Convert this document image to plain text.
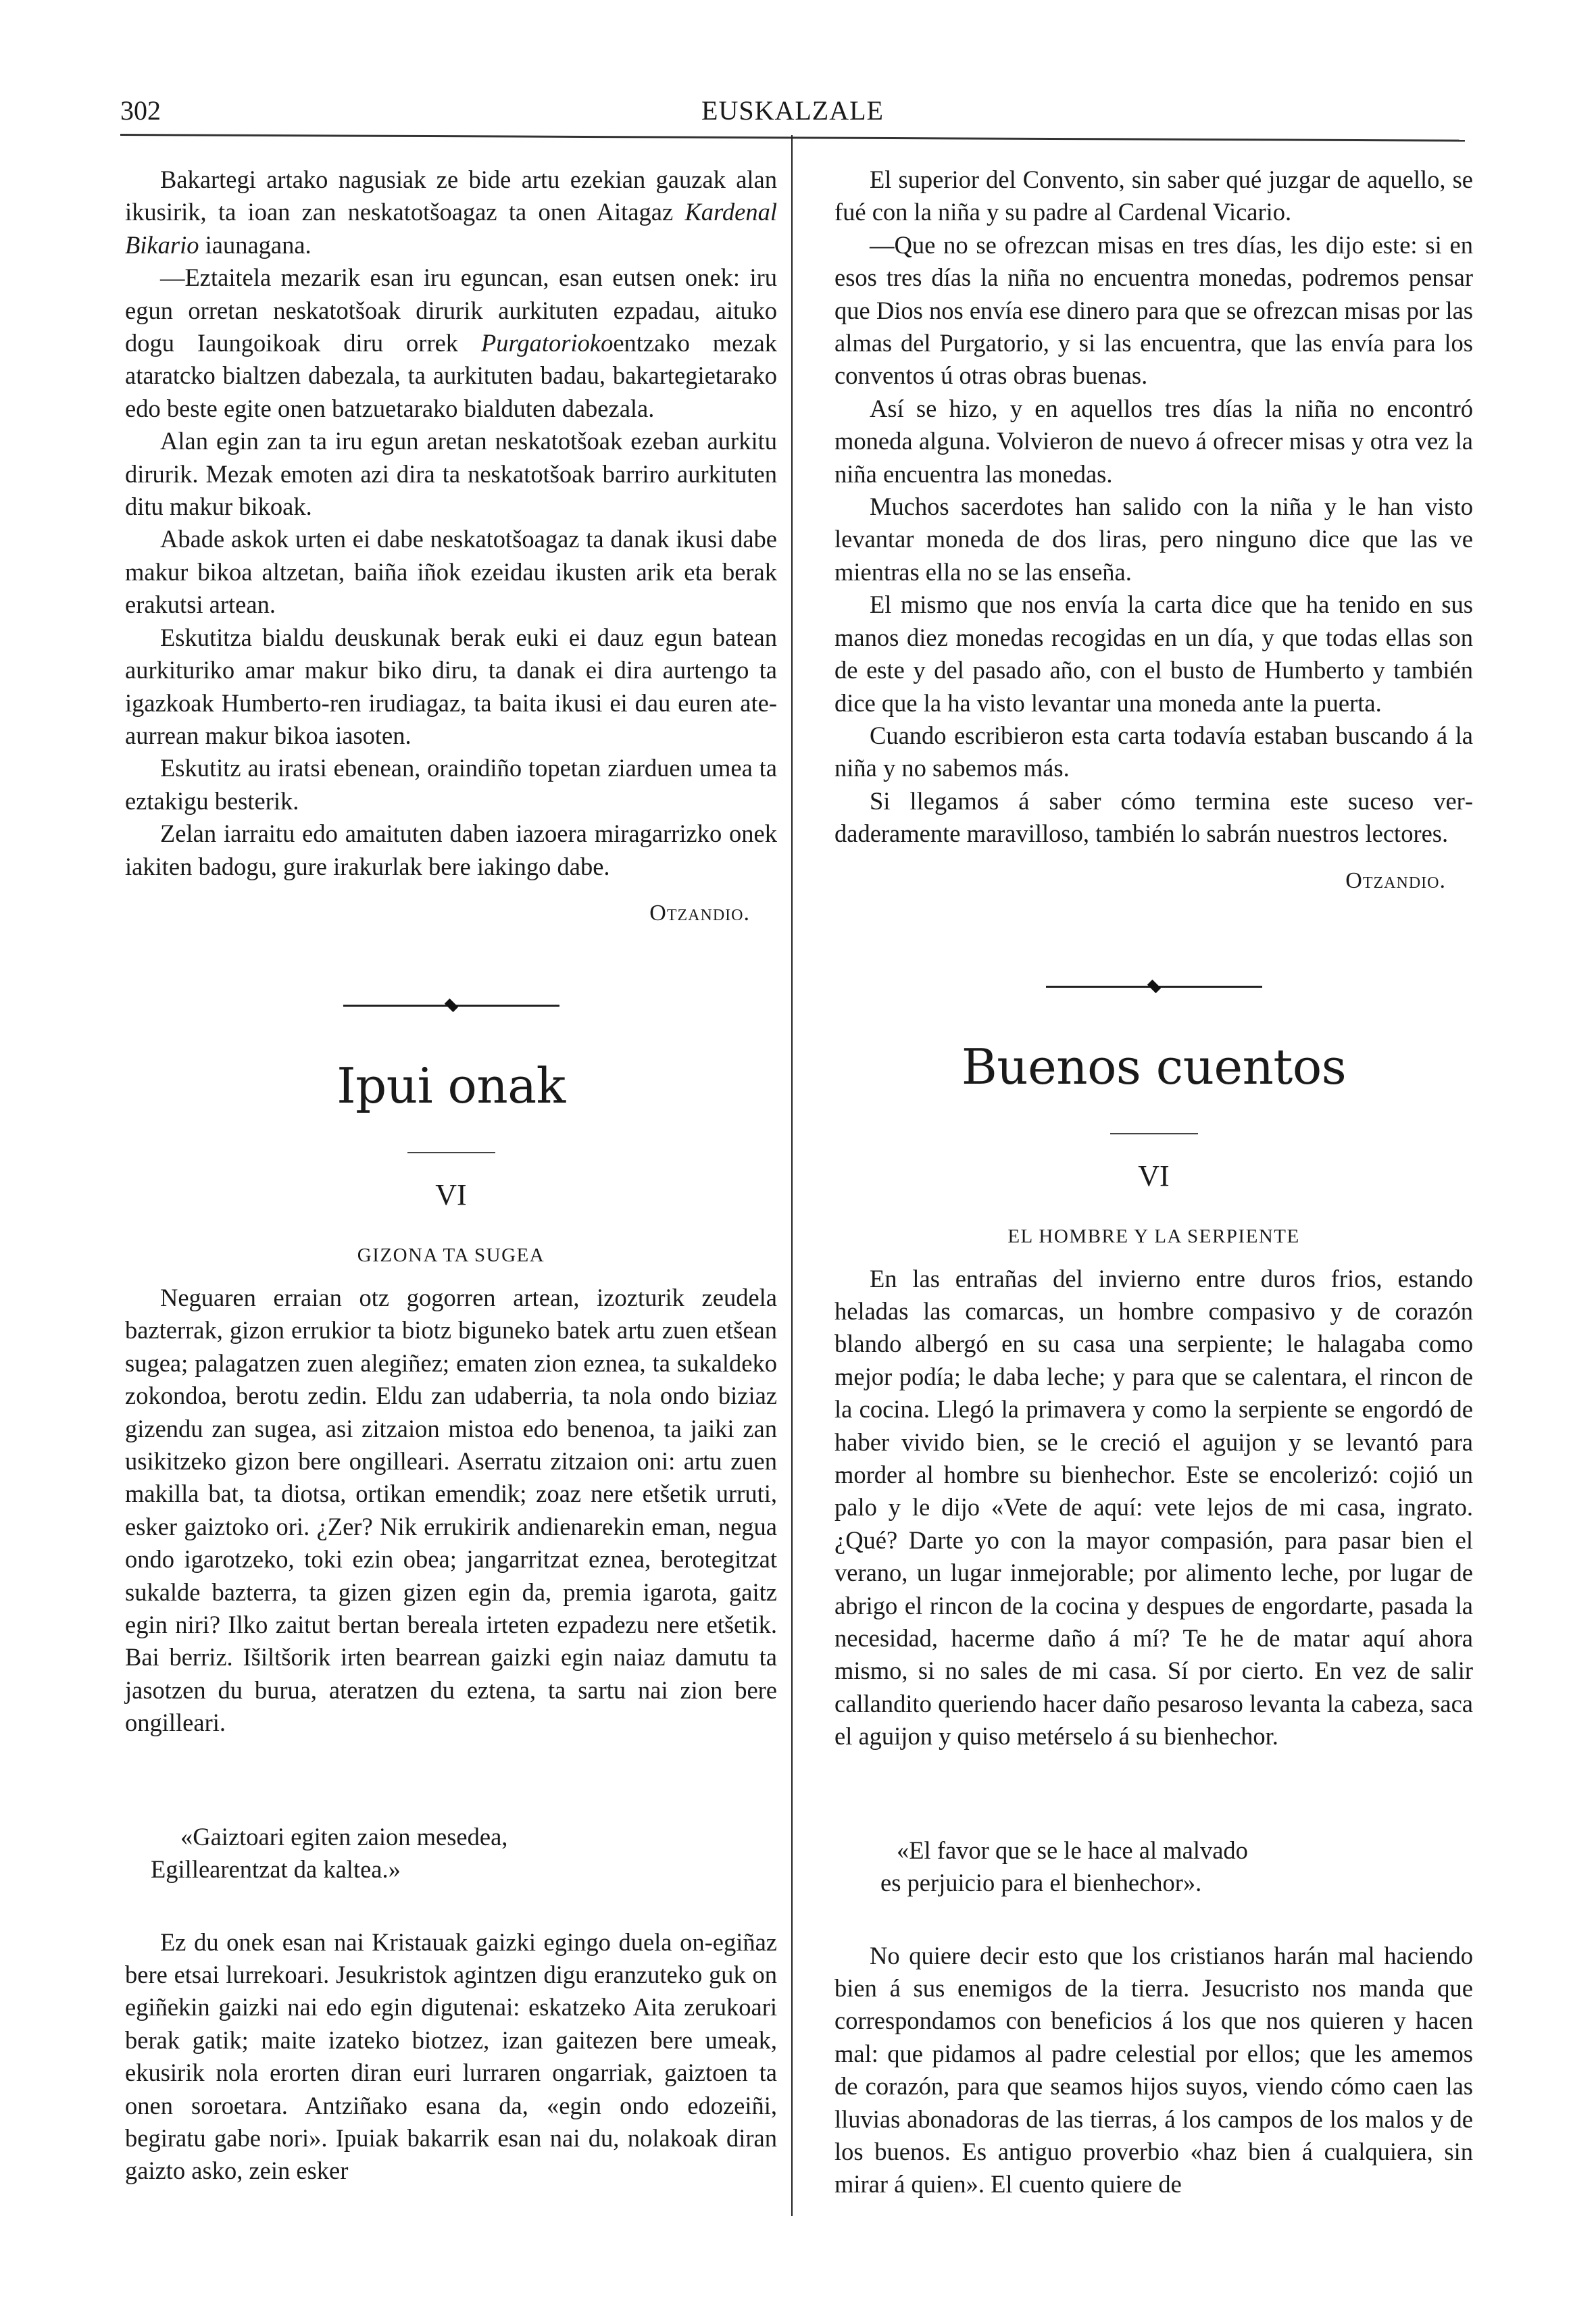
302	EUSKALZALE

Bakartegi artako nagusiak ze bide artu ezekian gauzak alan ikusirik, ta ioan zan neskatotšoagaz ta onen Aitagaz Kardenal Bikario iaunagana.

—Eztaitela mezarik esan iru eguncan, esan eutsen onek: iru egun orretan neskatotšoak dirurik aurkituten ezpadau, aituko dogu Iaungoikoak diru orrek Purgatoriokoentzako mezak ataratcko bialtzen dabezala, ta aurkituten badau, bakartegietarako edo beste egite onen batzuetarako bialduten dabezala.

Alan egin zan ta iru egun aretan neskatotšoak ezeban aurkitu dirurik. Mezak emoten azi dira ta neskatotšoak barriro aurkituten ditu makur bikoak.

Abade askok urten ei dabe neskatotšoagaz ta danak ikusi dabe makur bikoa altzetan, baiña iñok ezeidau ikusten arik eta berak erakutsi artean.

Eskutitza bialdu deuskunak berak euki ei dauz egun batean aurkituriko amar makur biko diru, ta danak ei dira aurtengo ta igazkoak Humberto-ren irudiagaz, ta baita ikusi ei dau euren ate-aurrean makur bikoa iasoten.

Eskutitz au iratsi ebenean, oraindiño topetan ziarduen umea ta eztakigu besterik.

Zelan iarraitu edo amaituten daben iazoera miragarrizko onek iakiten badogu, gure irakurlak bere iakingo dabe.

Otzandio.
Ipui onak
VI
GIZONA TA SUGEA

Neguaren erraian otz gogorren artean, izozturik zeudela bazterrak, gizon errukior ta biotz biguneko batek artu zuen etšean sugea; palagatzen zuen alegiñez; ematen zion eznea, ta sukaldeko zokondoa, berotu zedin. Eldu zan udaberria, ta nola ondo biziaz gizendu zan sugea, asi zitzaion mistoa edo benenoa, ta jaiki zan usikitzeko gizon bere ongilleari. Aserratu zitzaion oni: artu zuen makilla bat, ta diotsa, ortikan emendik; zoaz nere etšetik urruti, esker gaiztoko ori. ¿Zer? Nik errukirik andienarekin eman, negua ondo igarotzeko, toki ezin obea; jangarritzat eznea, berotegitzat sukalde bazterra, ta gizen gizen egin da, premia igarota, gaitz egin niri? Ilko zaitut bertan bereala irteten ezpadezu nere etšetik. Bai berriz. Išiltšorik irten bearrean gaizki egin naiaz damutu ta jasotzen du burua, ateratzen du eztena, ta sartu nai zion bere ongilleari.

«Gaiztoari egiten zaion mesedea,
Egillearentzat da kaltea.»

Ez du onek esan nai Kristauak gaizki egingo duela on-egiñaz bere etsai lurrekoari. Jesukristok agintzen digu eranzuteko guk on egiñekin gaizki nai edo egin digutenai: eskatzeko Aita zerukoari berak gatik; maite izateko biotzez, izan gaitezen bere umeak, ekusirik nola erorten diran euri lurraren ongarriak, gaiztoen ta onen soroetara. Antziñako esana da, «egin ondo edozeiñi, begiratu gabe nori». Ipuiak bakarrik esan nai du, nolakoak diran gaizto asko, zein esker

El superior del Convento, sin saber qué juzgar de aquello, se fué con la niña y su padre al Cardenal Vicario.

—Que no se ofrezcan misas en tres días, les dijo este: si en esos tres días la niña no encuentra monedas, podremos pensar que Dios nos envía ese dinero para que se ofrezcan misas por las almas del Purgatorio, y si las encuentra, que las envía para los conventos ú otras obras buenas.

Así se hizo, y en aquellos tres días la niña no encontró moneda alguna. Volvieron de nuevo á ofrecer misas y otra vez la niña encuentra las monedas.

Muchos sacerdotes han salido con la niña y le han visto levantar moneda de dos liras, pero ninguno dice que las ve mientras ella no se las enseña.

El mismo que nos envía la carta dice que ha tenido en sus manos diez monedas recogidas en un día, y que todas ellas son de este y del pasado año, con el busto de Humberto y también dice que la ha visto levantar una moneda ante la puerta.

Cuando escribieron esta carta todavía estaban buscando á la niña y no sabemos más.

Si llegamos á saber cómo termina este suceso verdaderamente maravilloso, también lo sabrán nuestros lectores.

Otzandio.
Buenos cuentos
VI
EL HOMBRE Y LA SERPIENTE

En las entrañas del invierno entre duros frios, estando heladas las comarcas, un hombre compasivo y de corazón blando albergó en su casa una serpiente; le halagaba como mejor podía; le daba leche; y para que se calentara, el rincon de la cocina. Llegó la primavera y como la serpiente se engordó de haber vivido bien, se le creció el aguijon y se levantó para morder al hombre su bienhechor. Este se encolerizó: cojió un palo y le dijo «Vete de aquí: vete lejos de mi casa, ingrato. ¿Qué? Darte yo con la mayor compasión, para pasar bien el verano, un lugar inmejorable; por alimento leche, por lugar de abrigo el rincon de la cocina y despues de engordarte, pasada la necesidad, hacerme daño á mí? Te he de matar aquí ahora mismo, si no sales de mi casa. Sí por cierto. En vez de salir callandito queriendo hacer daño pesaroso levanta la cabeza, saca el aguijon y quiso metérselo á su bienhechor.

«El favor que se le hace al malvado
es perjuicio para el bienhechor».

No quiere decir esto que los cristianos harán mal haciendo bien á sus enemigos de la tierra. Jesucristo nos manda que correspondamos con beneficios á los que nos quieren y hacen mal: que pidamos al padre celestial por ellos; que les amemos de corazón, para que seamos hijos suyos, viendo cómo caen las lluvias abonadoras de las tierras, á los campos de los malos y de los buenos. Es antiguo proverbio «haz bien á cualquiera, sin mirar á quien». El cuento quiere de
